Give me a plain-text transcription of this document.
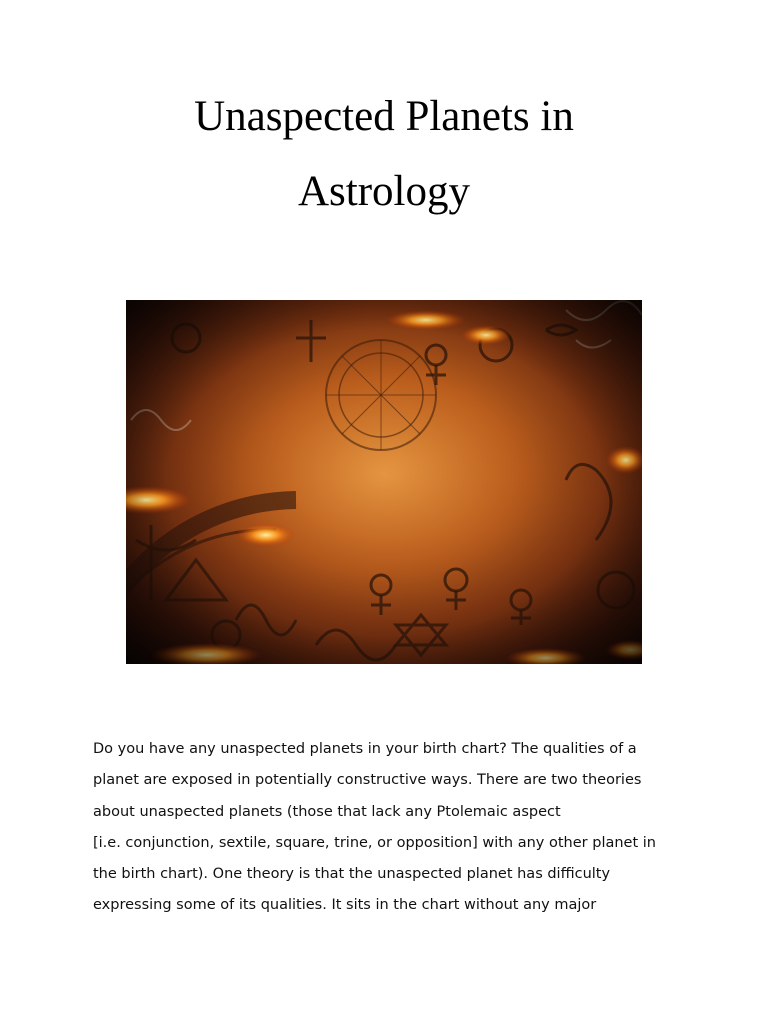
Unaspected Planets in
Astrology
Do you have any unaspected planets in your birth chart? The qualities of a
planet are exposed in potentially constructive ways. There are two theories
about unaspected planets (those that lack any Ptolemaic aspect
[i.e. conjunction, sextile, square, trine, or opposition] with any other planet in
the birth chart). One theory is that the unaspected planet has difficulty
expressing some of its qualities. It sits in the chart without any major
